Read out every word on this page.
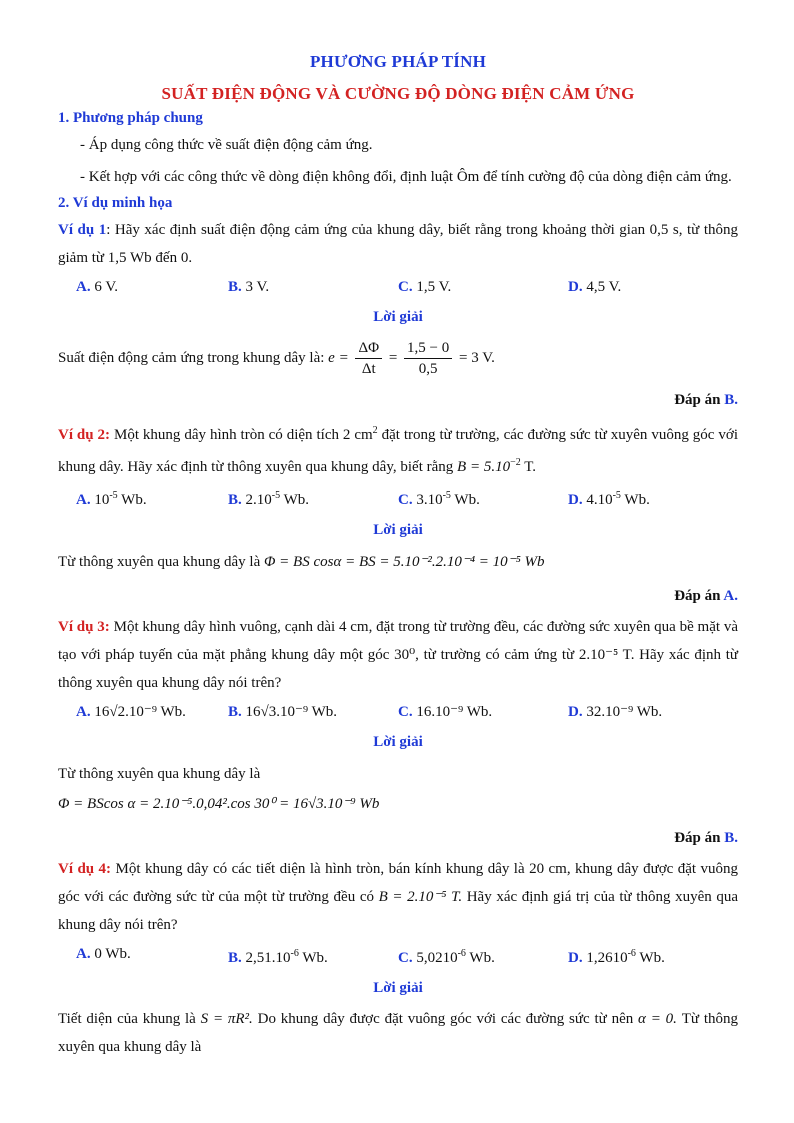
PHƯƠNG PHÁP TÍNH
SUẤT ĐIỆN ĐỘNG VÀ CƯỜNG ĐỘ DÒNG ĐIỆN CẢM ỨNG
1. Phương pháp chung
- Áp dụng công thức về suất điện động cảm ứng.
- Kết hợp với các công thức về dòng điện không đổi, định luật Ôm để tính cường độ của dòng điện cảm ứng.
2. Ví dụ minh họa

Ví dụ 1: Hãy xác định suất điện động cảm ứng của khung dây, biết rằng trong khoảng thời gian 0,5 s, từ thông giảm từ 1,5 Wb đến 0.

A. 6 V.	B. 3 V.	C. 1,5 V.	D. 4,5 V.
Lời giải

Suất điện động cảm ứng trong khung dây là: $e = \frac{\Delta\Phi}{\Delta t} = \frac{1,5 - 0}{0,5} = 3$ V.

Đáp án B.

Ví dụ 2: Một khung dây hình tròn có diện tích 2 $cm^2$ đặt trong từ trường, các đường sức từ xuyên vuông góc với khung dây. Hãy xác định từ thông xuyên qua khung dây, biết rằng $B = 5.10^{-2}$ T.

A. $10^{-5}$ Wb.	B. $2.10^{-5}$ Wb.	C. $3.10^{-5}$ Wb.	D. $4.10^{-5}$ Wb.
Lời giải

Từ thông xuyên qua khung dây là Φ = BS cosα = BS = 5.10⁻².2.10⁻⁴ = 10⁻⁵ Wb

Đáp án A.

Ví dụ 3: Một khung dây hình vuông, cạnh dài 4 cm, đặt trong từ trường đều, các đường sức xuyên qua bề mặt và tạo với pháp tuyến của mặt phẳng khung dây một góc 30⁰, từ trường có cảm ứng từ 2.10⁻⁵ T. Hãy xác định từ thông xuyên qua khung dây nói trên?

A. 16√2.10⁻⁹ Wb.	B. 16√3.10⁻⁹ Wb.	C. 16.10⁻⁹ Wb.	D. 32.10⁻⁹ Wb.
Lời giải

Từ thông xuyên qua khung dây là

Φ = BScos α = 2.10⁻⁵.0,04².cos 30⁰ = 16√3.10⁻⁹ Wb

Đáp án B.

Ví dụ 4: Một khung dây có các tiết diện là hình tròn, bán kính khung dây là 20 cm, khung dây được đặt vuông góc với các đường sức từ của một từ trường đều có B = 2.10⁻⁵ T. Hãy xác định giá trị của từ thông xuyên qua khung dây nói trên?

A. 0 Wb.	B. $2,51.10^{-6}$ Wb.	C. $5,0210^{-6}$ Wb.	D. $1,2610^{-6}$ Wb.
Lời giải

Tiết diện của khung là S = πR². Do khung dây được đặt vuông góc với các đường sức từ nên α = 0. Từ thông xuyên qua khung dây là
